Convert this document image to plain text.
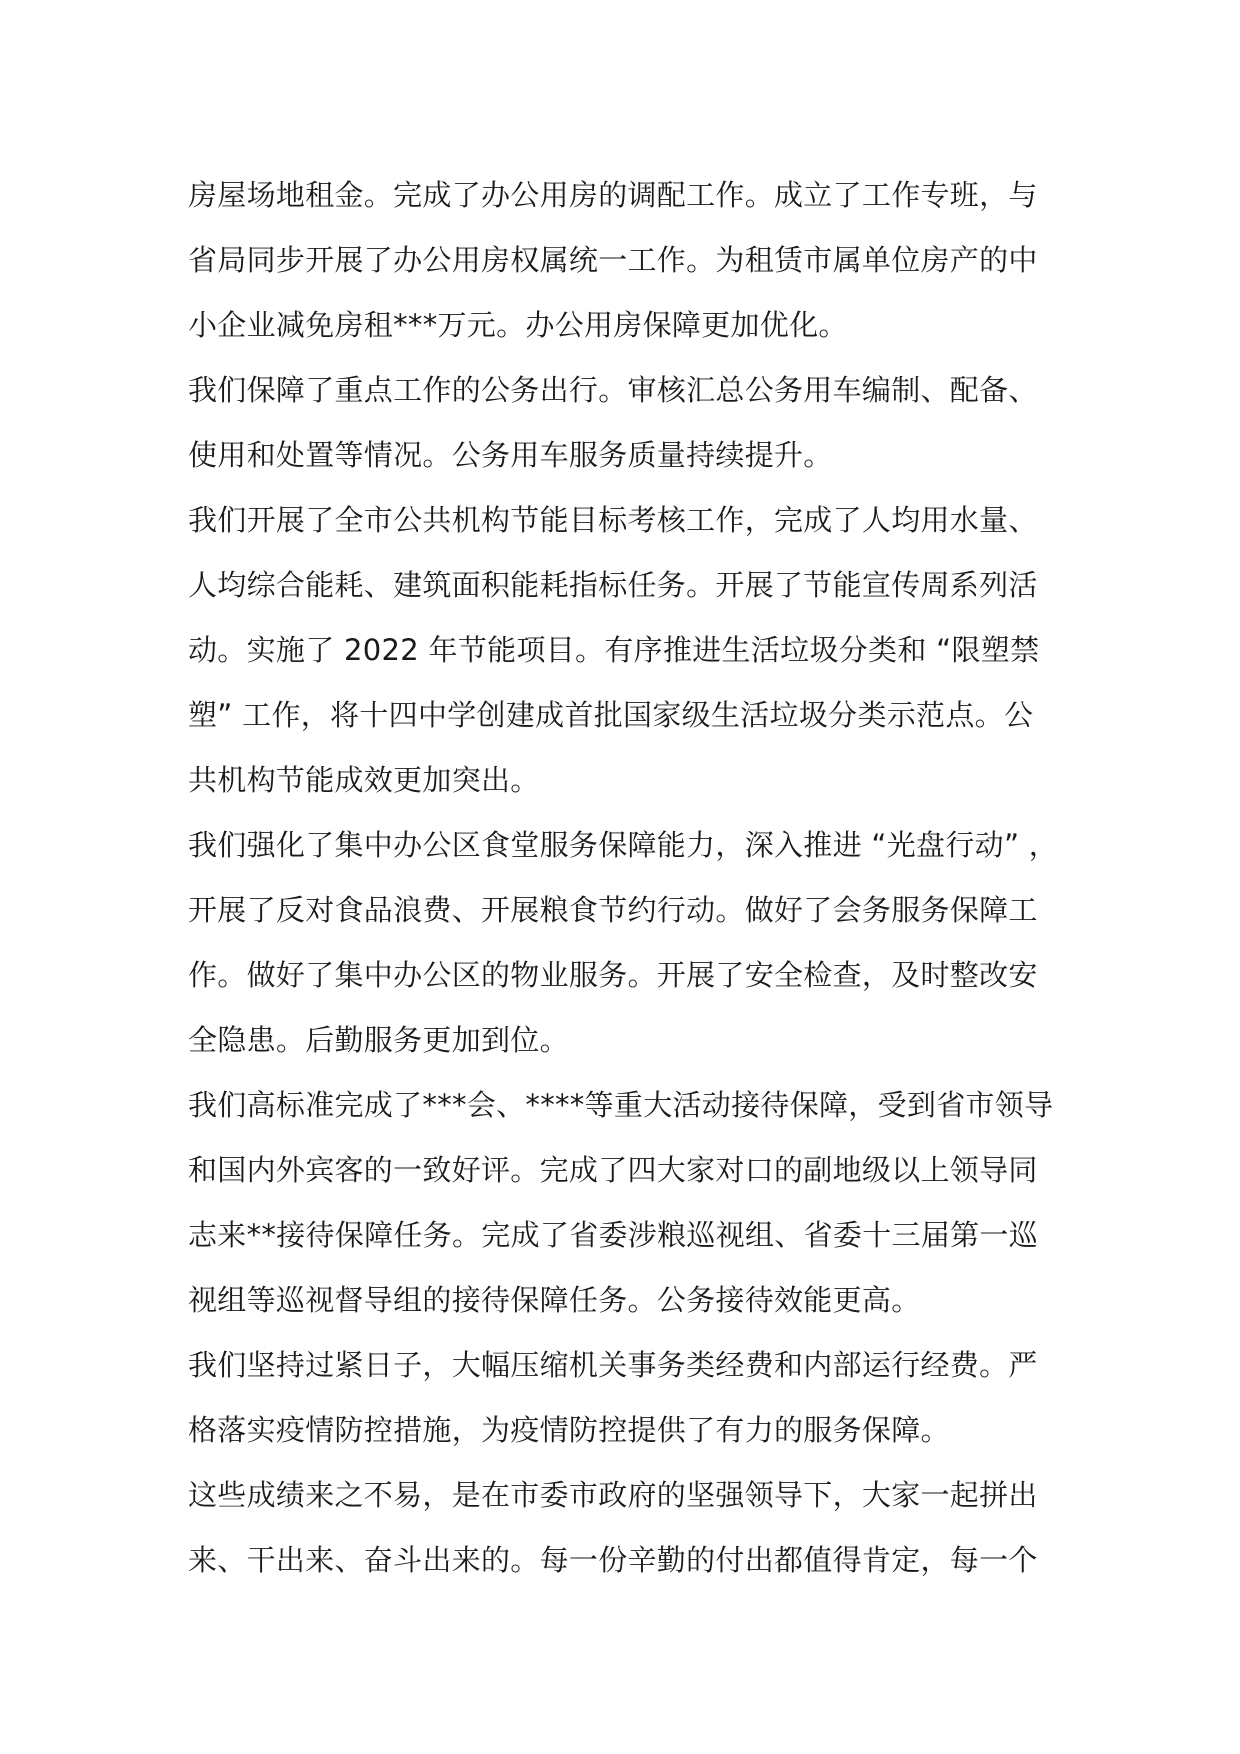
房屋场地租金。完成了办公用房的调配工作。成立了工作专班，与
省局同步开展了办公用房权属统一工作。为租赁市属单位房产的中
小企业减免房租***万元。办公用房保障更加优化。
我们保障了重点工作的公务出行。审核汇总公务用车编制、配备、
使用和处置等情况。公务用车服务质量持续提升。
我们开展了全市公共机构节能目标考核工作，完成了人均用水量、
人均综合能耗、建筑面积能耗指标任务。开展了节能宣传周系列活
动。实施了 2022 年节能项目。有序推进生活垃圾分类和 “限塑禁
塑” 工作，将十四中学创建成首批国家级生活垃圾分类示范点。公
共机构节能成效更加突出。
我们强化了集中办公区食堂服务保障能力，深入推进 “光盘行动” ，
开展了反对食品浪费、开展粮食节约行动。做好了会务服务保障工
作。做好了集中办公区的物业服务。开展了安全检查，及时整改安
全隐患。后勤服务更加到位。
我们高标准完成了***会、****等重大活动接待保障，受到省市领导
和国内外宾客的一致好评。完成了四大家对口的副地级以上领导同
志来**接待保障任务。完成了省委涉粮巡视组、省委十三届第一巡
视组等巡视督导组的接待保障任务。公务接待效能更高。
我们坚持过紧日子，大幅压缩机关事务类经费和内部运行经费。严
格落实疫情防控措施，为疫情防控提供了有力的服务保障。
这些成绩来之不易，是在市委市政府的坚强领导下，大家一起拼出
来、干出来、奋斗出来的。每一份辛勤的付出都值得肯定，每一个
